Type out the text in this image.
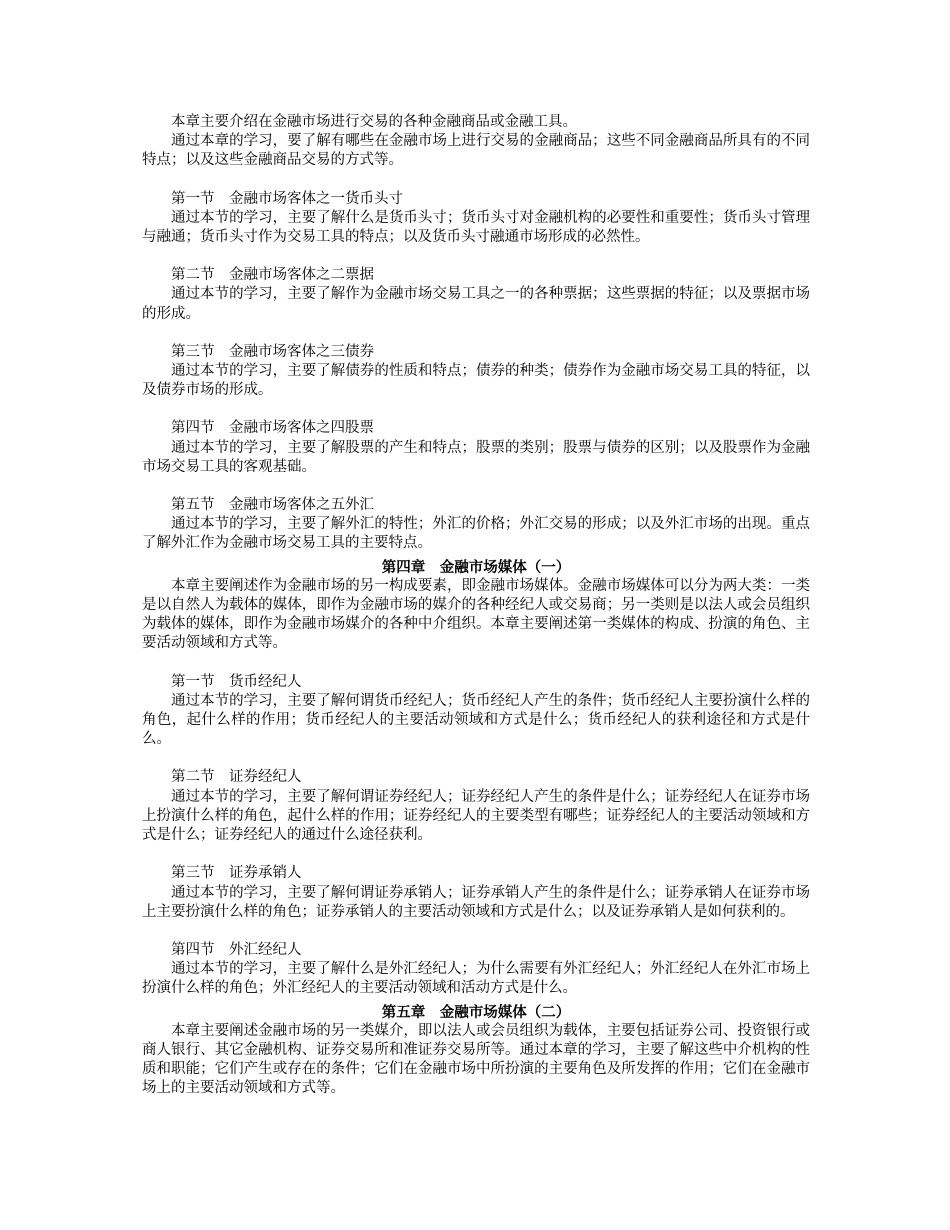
本章主要介绍在金融市场进行交易的各种金融商品或金融工具。

通过本章的学习，要了解有哪些在金融市场上进行交易的金融商品；这些不同金融商品所具有的不同特点；以及这些金融商品交易的方式等。

第一节 金融市场客体之一货币头寸

通过本节的学习，主要了解什么是货币头寸；货币头寸对金融机构的必要性和重要性；货币头寸管理与融通；货币头寸作为交易工具的特点；以及货币头寸融通市场形成的必然性。

第二节 金融市场客体之二票据

通过本节的学习，主要了解作为金融市场交易工具之一的各种票据；这些票据的特征；以及票据市场的形成。

第三节 金融市场客体之三债券

通过本节的学习，主要了解债券的性质和特点；债券的种类；债券作为金融市场交易工具的特征，以及债券市场的形成。

第四节 金融市场客体之四股票

通过本节的学习，主要了解股票的产生和特点；股票的类别；股票与债券的区别；以及股票作为金融市场交易工具的客观基础。

第五节 金融市场客体之五外汇

通过本节的学习，主要了解外汇的特性；外汇的价格；外汇交易的形成；以及外汇市场的出现。重点了解外汇作为金融市场交易工具的主要特点。

第四章 金融市场媒体（一）

本章主要阐述作为金融市场的另一构成要素，即金融市场媒体。金融市场媒体可以分为两大类：一类是以自然人为载体的媒体，即作为金融市场的媒介的各种经纪人或交易商；另一类则是以法人或会员组织为载体的媒体，即作为金融市场媒介的各种中介组织。本章主要阐述第一类媒体的构成、扮演的角色、主要活动领域和方式等。

第一节 货币经纪人

通过本节的学习，主要了解何谓货币经纪人；货币经纪人产生的条件；货币经纪人主要扮演什么样的角色，起什么样的作用；货币经纪人的主要活动领域和方式是什么；货币经纪人的获利途径和方式是什么。

第二节 证券经纪人

通过本节的学习，主要了解何谓证券经纪人；证券经纪人产生的条件是什么；证券经纪人在证券市场上扮演什么样的角色，起什么样的作用；证券经纪人的主要类型有哪些；证券经纪人的主要活动领域和方式是什么；证券经纪人的通过什么途径获利。

第三节 证券承销人

通过本节的学习，主要了解何谓证券承销人；证券承销人产生的条件是什么；证券承销人在证券市场上主要扮演什么样的角色；证券承销人的主要活动领域和方式是什么；以及证券承销人是如何获利的。

第四节 外汇经纪人

通过本节的学习，主要了解什么是外汇经纪人；为什么需要有外汇经纪人；外汇经纪人在外汇市场上扮演什么样的角色；外汇经纪人的主要活动领域和活动方式是什么。

第五章 金融市场媒体（二）

本章主要阐述金融市场的另一类媒介，即以法人或会员组织为载体，主要包括证券公司、投资银行或商人银行、其它金融机构、证券交易所和准证券交易所等。通过本章的学习，主要了解这些中介机构的性质和职能；它们产生或存在的条件；它们在金融市场中所扮演的主要角色及所发挥的作用；它们在金融市场上的主要活动领域和方式等。
